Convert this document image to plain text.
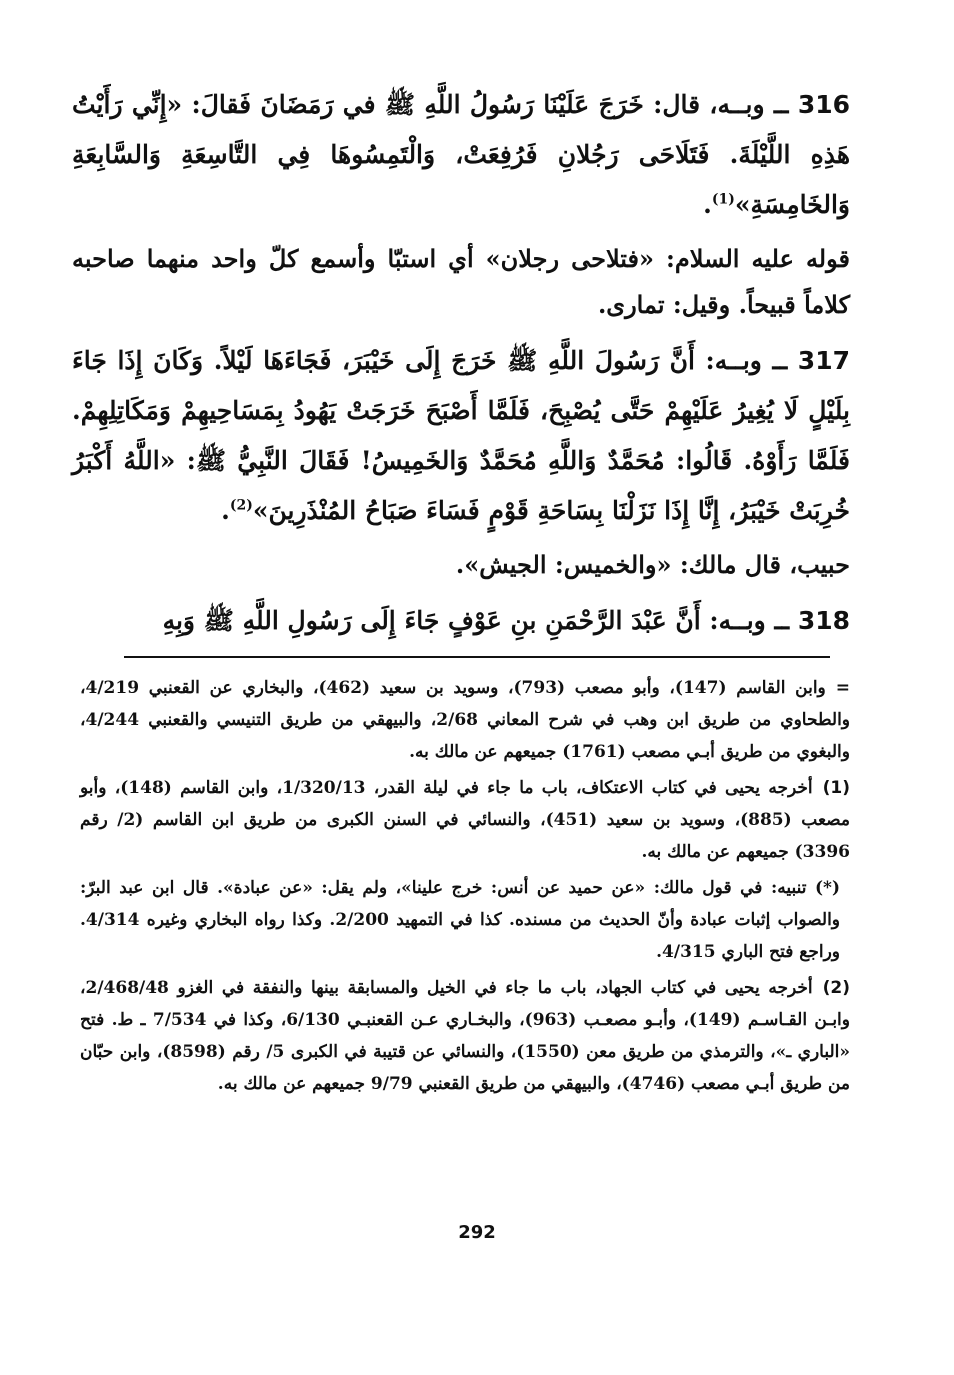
316 ــ وبــه، قال: خَرَجَ عَلَيْنَا رَسُولُ اللَّهِ ﷺ في رَمَضَانَ فَقالَ: «إِنِّي رَأَيْتُ هَذِهِ اللَّيْلَةَ. فَتَلَاحَى رَجُلانِ فَرُفِعَتْ، وَالْتَمِسُوهَا فِي التَّاسِعَةِ وَالسَّابِعَةِ وَالخَامِسَةِ»$^{(1)}$.

قوله عليه السلام: «فتلاحى رجلان» أي استبّا وأسمع كلّ واحد منهما صاحبه كلاماً قبيحاً. وقيل: تمارى.

317 ــ وبــه: أَنَّ رَسُولَ اللَّهِ ﷺ خَرَجَ إِلَى خَيْبَرَ، فَجَاءَهَا لَيْلاً. وَكَانَ إِذَا جَاءَ بِلَيْلٍ لَا يُغِيرُ عَلَيْهِمْ حَتَّى يُصْبِحَ، فَلَمَّا أَصْبَحَ خَرَجَتْ يَهُودُ بِمَسَاحِيهِمْ وَمَكَاتِلِهِمْ. فَلَمَّا رَأَوْهُ. قَالُوا: مُحَمَّدٌ وَاللَّهِ مُحَمَّدٌ وَالخَمِيسُ! فَقَالَ النَّبِيُّ ﷺ: «اللَّهُ أَكْبَرُ خُرِبَتْ خَيْبَرُ، إِنَّا إِذَا نَزَلْنَا بِسَاحَةِ قَوْمٍ فَسَاءَ صَبَاحُ المُنْذَرِينَ»$^{(2)}$.

حبيب، قال مالك: «والخميس: الجيش».

318 ــ وبــه: أَنَّ عَبْدَ الرَّحْمَنِ بنِ عَوْفٍ جَاءَ إِلَى رَسُولِ اللَّهِ ﷺ وَبِهِ

=وابن القاسم (147)، وأبو مصعب (793)، وسويد بن سعيد (462)، والبخاري عن القعنبي 4/219، والطحاوي من طريق ابن وهب في شرح المعاني 2/68، والبيهقي من طريق التنيسي والقعنبي 4/244، والبغوي من طريق أبـي مصعب (1761) جميعهم عن مالك به.

(1)أخرجه يحيى في كتاب الاعتكاف، باب ما جاء في ليلة القدر، 1/320/13، وابن القاسم (148)، وأبو مصعب (885)، وسويد بن سعيد (451)، والنسائي في السنن الكبرى من طريق ابن القاسم (2/ رقم 3396) جميعهم عن مالك به.

(*) تنبيه: في قول مالك: «عن حميد عن أنس: خرج علينا»، ولم يقل: «عن عبادة». قال ابن عبد البرّ: والصواب إثبات عبادة وأنّ الحديث من مسنده. كذا في التمهيد 2/200. وكذا رواه البخاري وغيره 4/314. وراجع فتح الباري 4/315.

(2)أخرجه يحيى في كتاب الجهاد، باب ما جاء في الخيل والمسابقة بينها والنفقة في الغزو 2/468/48، وابـن القـاسـم (149)، وأبـو مصعـب (963)، والبخـاري عـن القعنبـي 6/130، وكذا في 7/534 ـ ط. فتح «الباري ـ»، والترمذي من طريق معن (1550)، والنسائي عن قتيبة في الكبرى 5/ رقم (8598)، وابن حبّان من طريق أبـي مصعب (4746)، والبيهقي من طريق القعنبي 9/79 جميعهم عن مالك به.

292
